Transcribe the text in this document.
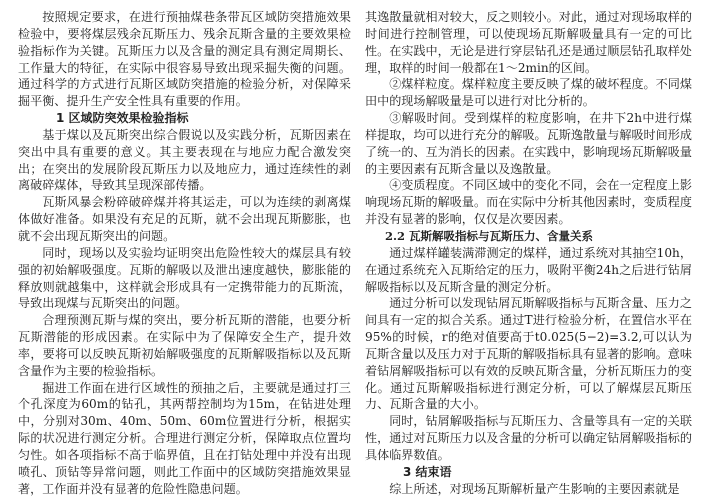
按照规定要求，在进行预抽煤巷条带瓦区域防突措施效果检验中，要将煤层残余瓦斯压力、残余瓦斯含量的主要效果检验指标作为关键。瓦斯压力以及含量的测定具有测定周期长、工作量大的特征，在实际中很容易导致出现采掘失衡的问题。通过科学的方式进行瓦斯区域防突措施的检验分析，对保障采掘平衡、提升生产安全性具有重要的作用。

1 区域防突效果检验指标

基于煤以及瓦斯突出综合假说以及实践分析，瓦斯因素在突出中具有重要的意义。其主要表现在与地应力配合激发突出；在突出的发展阶段瓦斯压力以及地应力，通过连续性的剥离破碎煤体，导致其呈现深部传播。

瓦斯风暴会粉碎破碎煤并将其运走，可以为连续的剥离煤体做好准备。如果没有充足的瓦斯，就不会出现瓦斯膨胀，也就不会出现瓦斯突出的问题。

同时，现场以及实验均证明突出危险性较大的煤层具有较强的初始解吸强度。瓦斯的解吸以及泄出速度越快，膨胀能的释放则就越集中，这样就会形成具有一定携带能力的瓦斯流，导致出现煤与瓦斯突出的问题。

合理预测瓦斯与煤的突出，要分析瓦斯的潜能，也要分析瓦斯潜能的形成因素。在实际中为了保障安全生产，提升效率，要将可以反映瓦斯初始解吸强度的瓦斯解吸指标以及瓦斯含量作为主要的检验指标。

掘进工作面在进行区域性的预抽之后，主要就是通过打三个孔深度为60m的钻孔，其两帮控制均为15m，在钻进处理中，分别对30m、40m、50m、60m位置进行分析，根据实际的状况进行测定分析。合理进行测定分析，保障取点位置均匀性。如各项指标不高于临界值，且在打钻处理中并没有出现喷孔、顶钻等异常问题，则此工作面中的区域防突措施效果显著，工作面并没有显著的危险性隐患问题。

其逸散量就相对较大，反之则较小。对此，通过对现场取样的时间进行控制管理，可以使现场瓦斯解吸量具有一定的可比性。在实践中，无论是进行穿层钻孔还是通过顺层钻孔取样处理，取样的时间一般都在1～2min的区间。

②煤样粒度。煤样粒度主要反映了煤的破坏程度。不同煤田中的现场解吸量是可以进行对比分析的。

③解吸时间。受到煤样的粒度影响，在井下2h中进行煤样提取，均可以进行充分的解吸。瓦斯逸散量与解吸时间形成了统一的、互为消长的因素。在实践中，影响现场瓦斯解吸量的主要因素有瓦斯含量以及逸散量。

④变质程度。不同区域中的变化不同，会在一定程度上影响现场瓦斯的解吸量。而在实际中分析其他因素时，变质程度并没有显著的影响，仅仅是次要因素。

2.2 瓦斯解吸指标与瓦斯压力、含量关系

通过煤样罐装满滞测定的煤样，通过系统对其抽空10h，在通过系统充入瓦斯给定的压力，吸附平衡24h之后进行钻屑解吸指标以及瓦斯含量的测定分析。

通过分析可以发现钻屑瓦斯解吸指标与瓦斯含量、压力之间具有一定的拟合关系。通过T进行检验分析，在置信水平在95%的时候，r的绝对值要高于t0.025(5−2)=3.2,可以认为瓦斯含量以及压力对于瓦斯的解吸指标具有显著的影响。意味着钻屑解吸指标可以有效的反映瓦斯含量，分析瓦斯压力的变化。通过瓦斯解吸指标进行测定分析，可以了解煤层瓦斯压力、瓦斯含量的大小。

同时，钻屑解吸指标与瓦斯压力、含量等具有一定的关联性，通过对瓦斯压力以及含量的分析可以确定钻屑解吸指标的具体临界数值。

3 结束语

综上所述，对现场瓦斯解析量产生影响的主要因素就是
